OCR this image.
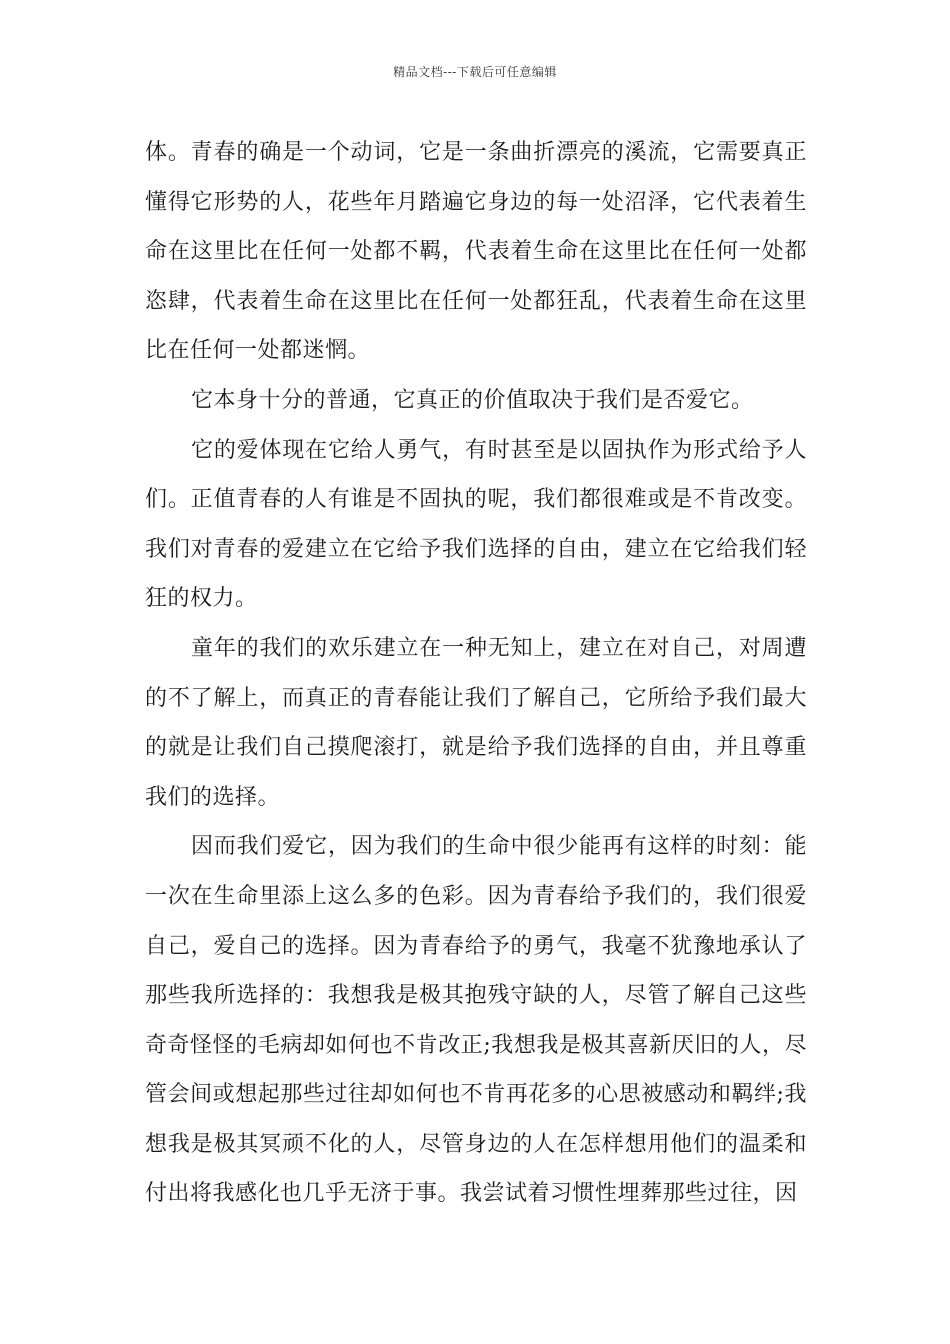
精品文档---下载后可任意编辑

体。青春的确是一个动词，它是一条曲折漂亮的溪流，它需要真正懂得它形势的人，花些年月踏遍它身边的每一处沼泽，它代表着生命在这里比在任何一处都不羁，代表着生命在这里比在任何一处都恣肆，代表着生命在这里比在任何一处都狂乱，代表着生命在这里比在任何一处都迷惘。

它本身十分的普通，它真正的价值取决于我们是否爱它。

它的爱体现在它给人勇气，有时甚至是以固执作为形式给予人们。正值青春的人有谁是不固执的呢，我们都很难或是不肯改变。我们对青春的爱建立在它给予我们选择的自由，建立在它给我们轻狂的权力。

童年的我们的欢乐建立在一种无知上，建立在对自己，对周遭的不了解上，而真正的青春能让我们了解自己，它所给予我们最大的就是让我们自己摸爬滚打，就是给予我们选择的自由，并且尊重我们的选择。

因而我们爱它，因为我们的生命中很少能再有这样的时刻：能一次在生命里添上这么多的色彩。因为青春给予我们的，我们很爱自己，爱自己的选择。因为青春给予的勇气，我毫不犹豫地承认了那些我所选择的：我想我是极其抱残守缺的人，尽管了解自己这些奇奇怪怪的毛病却如何也不肯改正;我想我是极其喜新厌旧的人，尽管会间或想起那些过往却如何也不肯再花多的心思被感动和羁绊;我想我是极其冥顽不化的人，尽管身边的人在怎样想用他们的温柔和付出将我感化也几乎无济于事。我尝试着习惯性埋葬那些过往，因
